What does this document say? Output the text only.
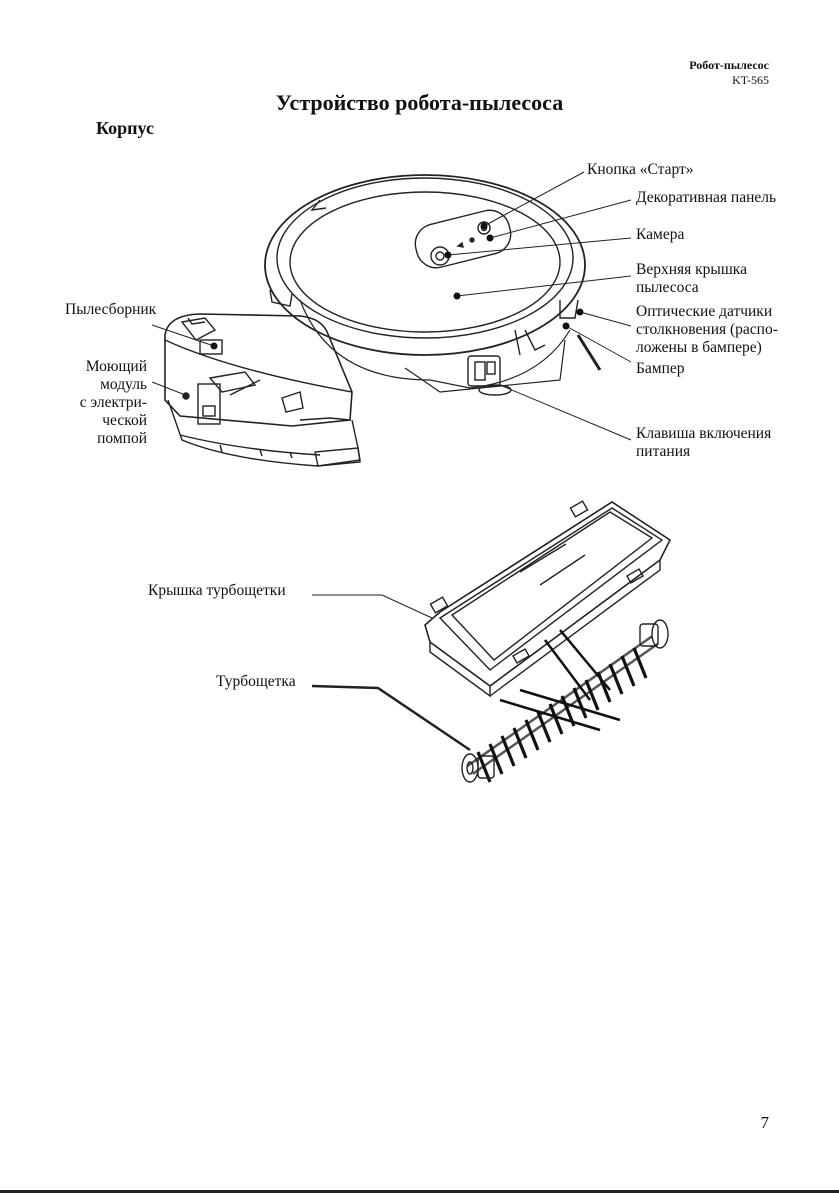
Робот-пылесос
KT-565
Устройство робота-пылесоса
Корпус
Кнопка «Старт»
Декоративная панель
Камера
Верхняя крышка
пылесоса
Оптические датчики
столкновения (распо-
ложены в бампере)
Бампер
Клавиша включения
питания
Пылесборник
Моющий
модуль
с электри-
ческой
помпой
Крышка турбощетки
Турбощетка
7
